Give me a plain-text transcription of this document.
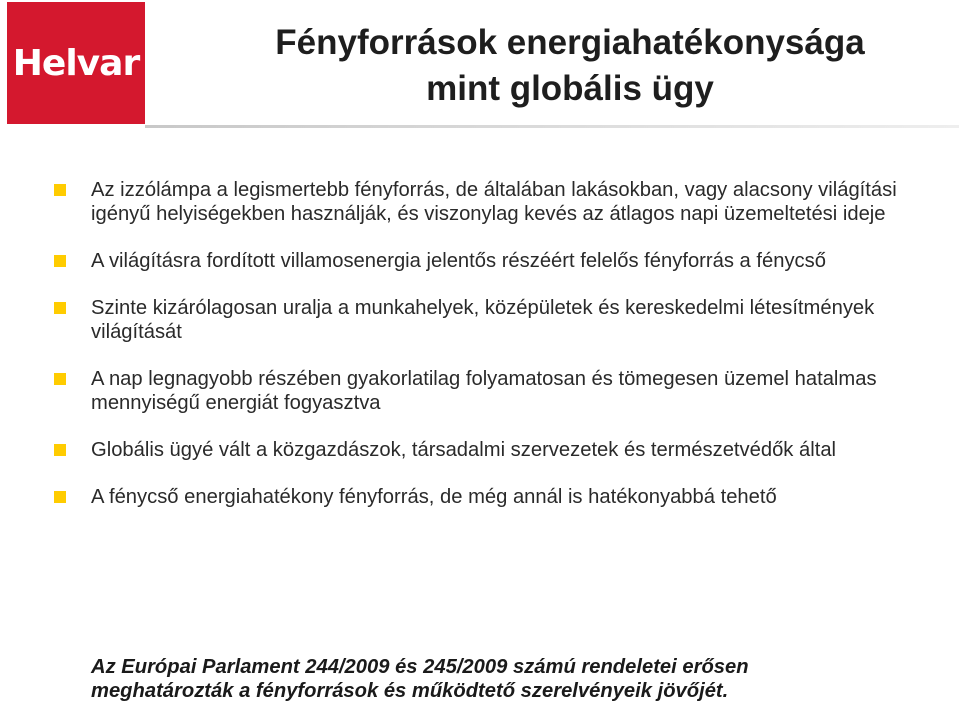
Helvar	Fényforrások energiahatékonysága
mint globális ügy
Az izzólámpa a legismertebb fényforrás, de általában lakásokban, vagy alacsony világítási igényű helyiségekben használják, és viszonylag kevés az átlagos napi üzemeltetési ideje
A világításra fordított villamosenergia jelentős részéért felelős fényforrás a fénycső
Szinte kizárólagosan uralja a munkahelyek, középületek és kereskedelmi létesítmények világítását
A nap legnagyobb részében gyakorlatilag folyamatosan és tömegesen üzemel hatalmas mennyiségű energiát fogyasztva
Globális ügyé vált a közgazdászok, társadalmi szervezetek és természetvédők által
A fénycső energiahatékony fényforrás, de még annál is hatékonyabbá tehető
Az Európai Parlament 244/2009 és 245/2009 számú rendeletei erősen
meghatározták a fényforrások és működtető szerelvényeik jövőjét.
